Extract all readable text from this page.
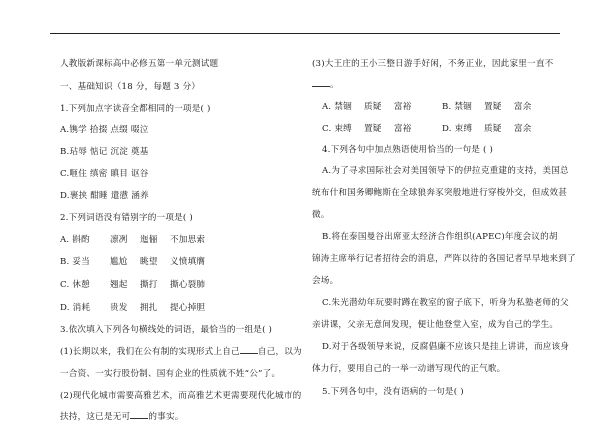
人教版新课标高中必修五第一单元测试题
一、基础知识（18 分，每题 3 分）
1.下列加点字读音全都相同的一项是( )
A.镌学 拾掇 点缀 啜泣
B.玷辱 惦记 沉淀 奠基
C.咂住 缜密 瞋目 讴谷
D.裹挟 酣睡 遣懑 涵养
2.下列词语没有错别字的一项是( )
A. 斟酌 凛冽 迤俪 不加思索
B. 妥当 尴尬 眺望 义愤填膺
C. 休憩 翘起 撕打 撕心裂肺
D. 消耗 贵发 拥扎 提心掉胆
3.依次填入下列各句横线处的词语，最恰当的一组是( )
(1)长期以来，我们在公有制的实现形式上自己 自己，以为
一合资、一实行股份制、国有企业的性质就不姓“公”了。
(2)现代化城市需要高雅艺术，而高雅艺术更需要现代化城市的
扶持，这已是无可 的事实。
(3)大王庄的王小三整日游手好闲，不务正业，因此家里一直不
。
A. 禁锢 质疑 富裕	B. 禁锢 置疑 富余
C. 束缚 置疑 富裕	D. 束缚 质疑 富余
4.下列各句中加点熟语使用恰当的一句是 ( )
A.为了寻求国际社会对美国领导下的伊拉克重建的支持，美国总
统布什和国务卿鲍斯在全球狼奔豕突般地进行穿梭外交，但成效甚
微。
B.将在泰国曼谷出席亚太经济合作组织(APEC)年度会议的胡
锦涛主席举行记者招待会的消息，严阵以待的各国记者早早地来到了
会场。
C.朱光潜幼年玩要时蹲在教室的窗子底下，听身为私塾老师的父
亲讲课，父亲无意间发现，便让他登堂入室，成为自己的学生。
D.对于各级领导来说，反腐倡廉不应该只是挂上讲讲，而应该身
体力行，要用自己的一举一动谱写现代的正气歌。
5.下列各句中，没有语病的一句是( )
